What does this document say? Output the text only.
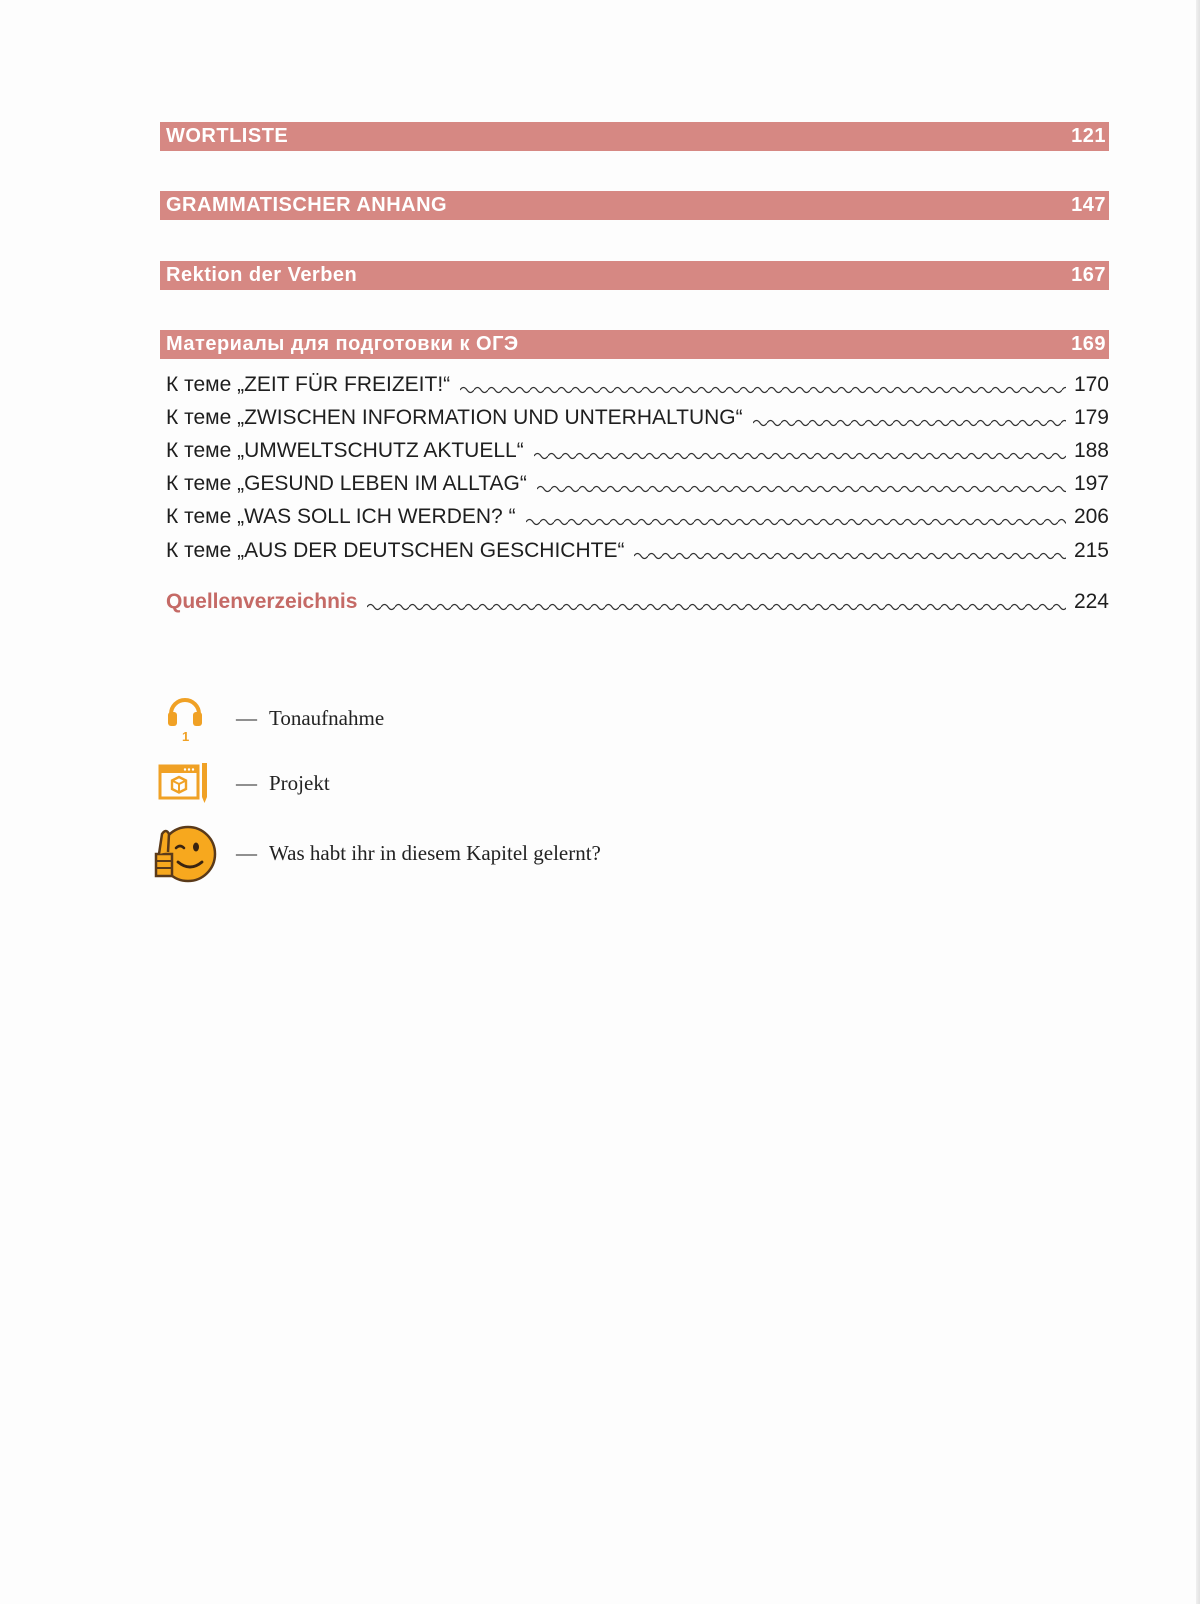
WORTLISTE	121
GRAMMATISCHER ANHANG	147
Rektion der Verben	167
Материалы для подготовки к ОГЭ	169
К теме „ZEIT FÜR FREIZEIT!“	170
К теме „ZWISCHEN INFORMATION UND UNTERHALTUNG“	179
К теме „UMWELTSCHUTZ AKTUELL“	188
К теме „GESUND LEBEN IM ALLTAG“	197
К теме „WAS SOLL ICH WERDEN? “	206
К теме „AUS DER DEUTSCHEN GESCHICHTE“	215
Quellenverzeichnis	224
1
— Tonaufnahme
— Projekt
— Was habt ihr in diesem Kapitel gelernt?
